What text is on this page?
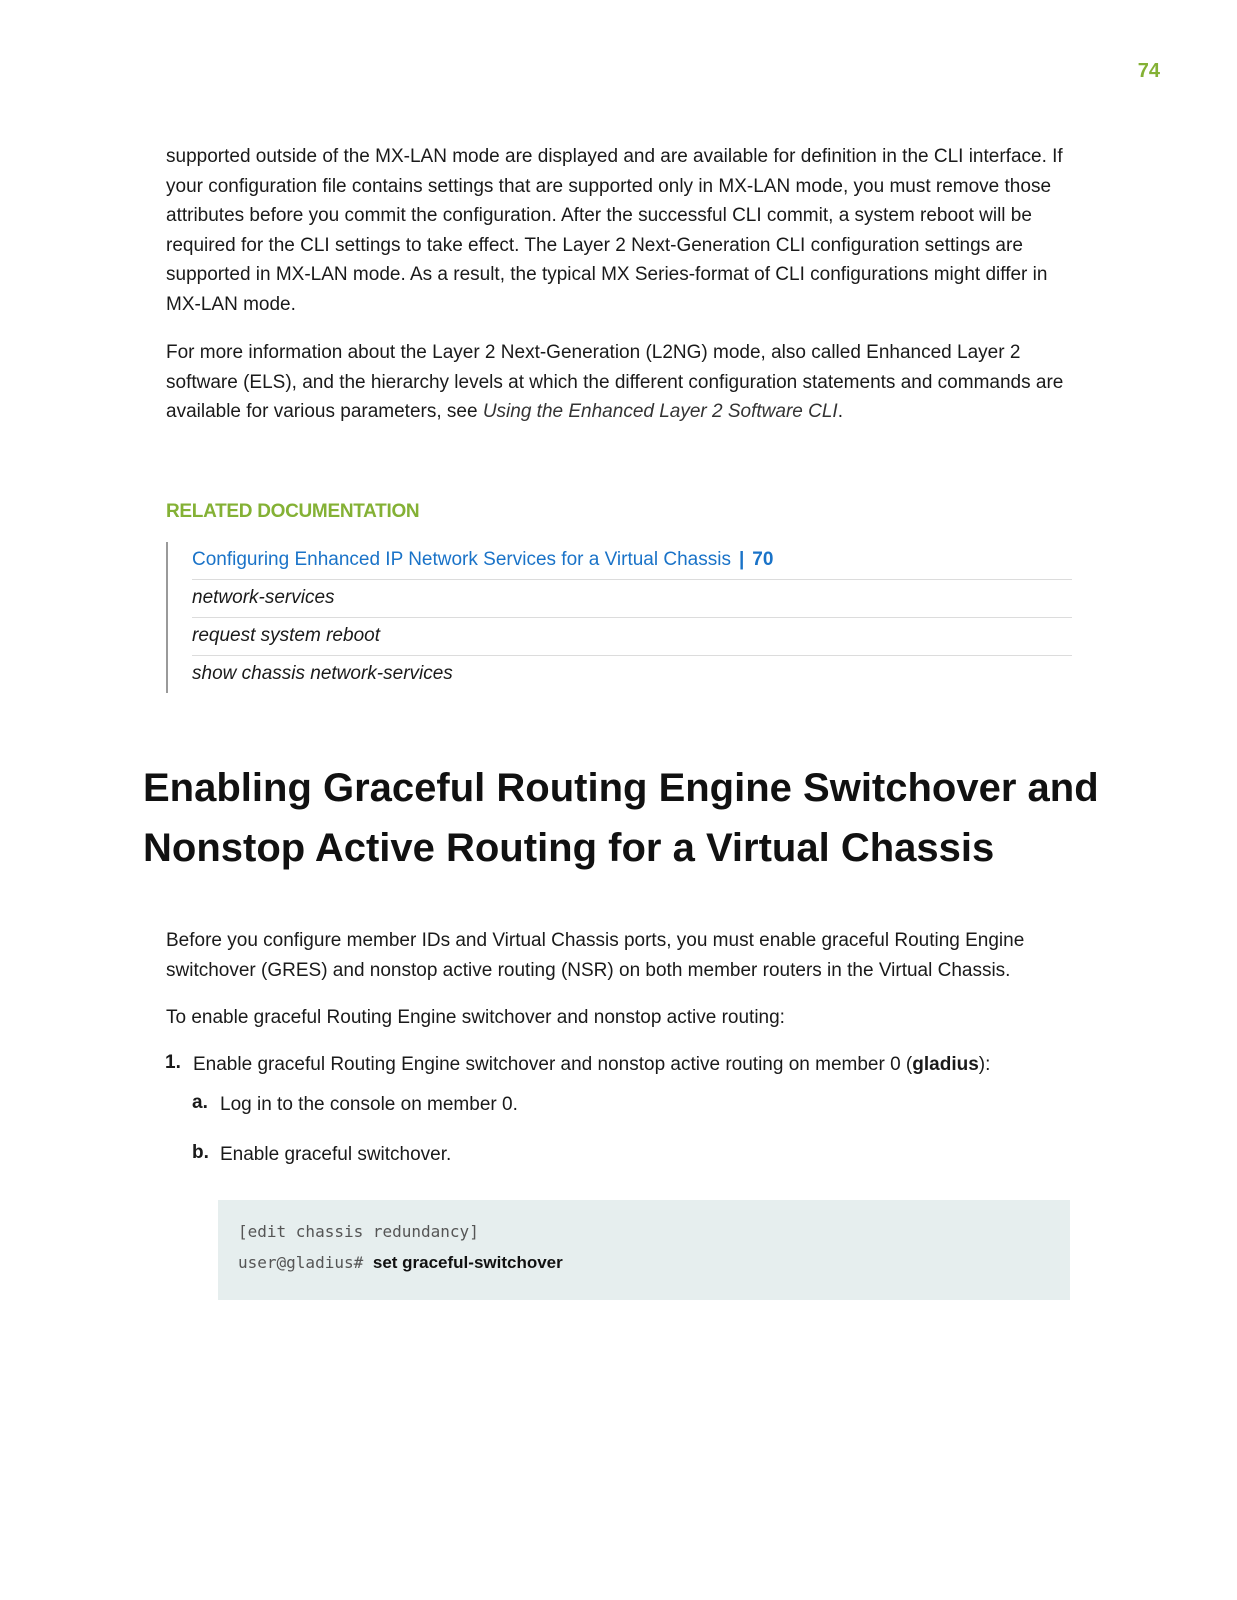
74

supported outside of the MX-LAN mode are displayed and are available for definition in the CLI interface. If your configuration file contains settings that are supported only in MX-LAN mode, you must remove those attributes before you commit the configuration. After the successful CLI commit, a system reboot will be required for the CLI settings to take effect. The Layer 2 Next-Generation CLI configuration settings are supported in MX-LAN mode. As a result, the typical MX Series-format of CLI configurations might differ in MX-LAN mode.

For more information about the Layer 2 Next-Generation (L2NG) mode, also called Enhanced Layer 2 software (ELS), and the hierarchy levels at which the different configuration statements and commands are available for various parameters, see Using the Enhanced Layer 2 Software CLI.

RELATED DOCUMENTATION
Configuring Enhanced IP Network Services for a Virtual Chassis | 70
network-services
request system reboot
show chassis network-services
Enabling Graceful Routing Engine Switchover and Nonstop Active Routing for a Virtual Chassis

Before you configure member IDs and Virtual Chassis ports, you must enable graceful Routing Engine switchover (GRES) and nonstop active routing (NSR) on both member routers in the Virtual Chassis.

To enable graceful Routing Engine switchover and nonstop active routing:

1. Enable graceful Routing Engine switchover and nonstop active routing on member 0 (gladius):
a. Log in to the console on member 0.
b. Enable graceful switchover.
[edit chassis redundancy]
user@gladius# set graceful-switchover
